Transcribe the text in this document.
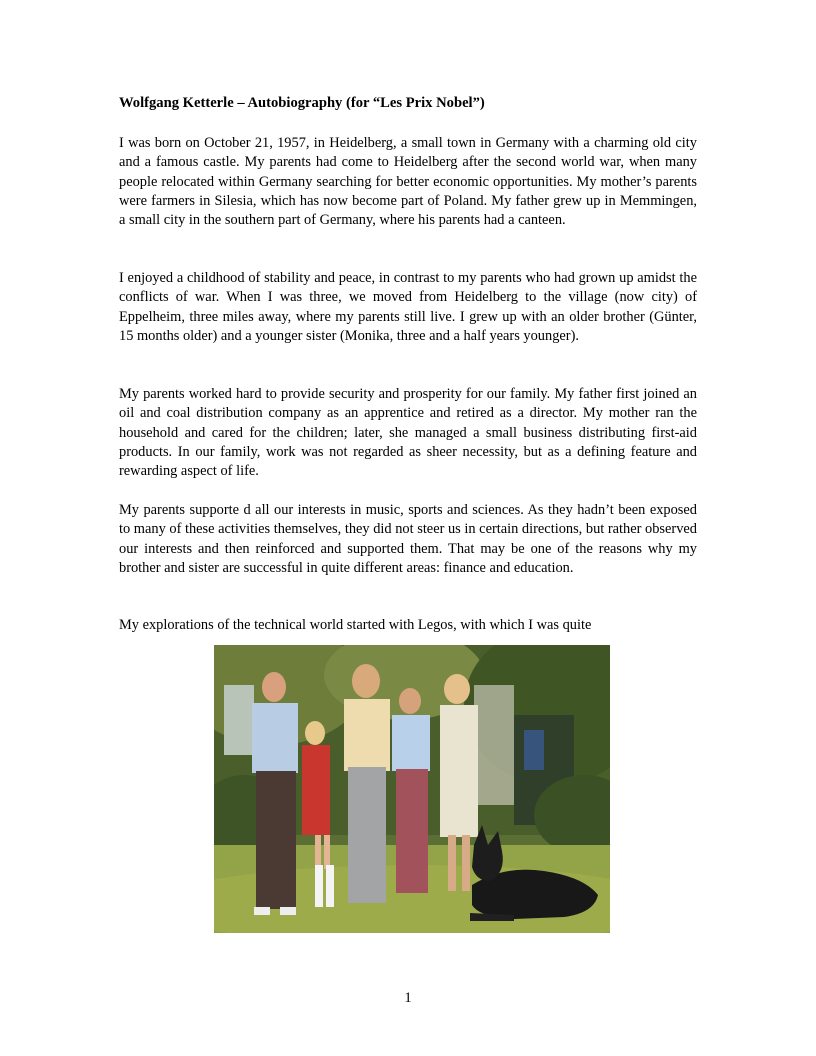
Wolfgang Ketterle – Autobiography (for “Les Prix Nobel”)

I was born on October 21, 1957, in Heidelberg, a small town in Germany with a charming old city and a famous castle. My parents had come to Heidelberg after the second world war, when many people relocated within Germany searching for better economic opportunities. My mother’s parents were farmers in Silesia, which has now become part of Poland. My father grew up in Memmingen, a small city in the southern part of Germany, where his parents had a canteen.

I enjoyed a childhood of stability and peace, in contrast to my parents who had grown up amidst the conflicts of war. When I was three, we moved from Heidelberg to the village (now city) of Eppelheim, three miles away, where my parents still live. I grew up with an older brother (Günter, 15 months older) and a younger sister (Monika, three and a half years younger).

My parents worked hard to provide security and prosperity for our family. My father first joined an oil and coal distribution company as an apprentice and retired as a director. My mother ran the household and cared for the children; later, she managed a small business distributing first-aid products. In our family, work was not regarded as sheer necessity, but as a defining feature and rewarding aspect of life.

My parents supporte d all our interests in music, sports and sciences. As they hadn’t been exposed to many of these activities themselves, they did not steer us in certain directions, but rather observed our interests and then reinforced and supported them. That may be one of the reasons why my brother and sister are successful in quite different areas: finance and education.

My explorations of the technical world started with Legos, with which I was quite

1
